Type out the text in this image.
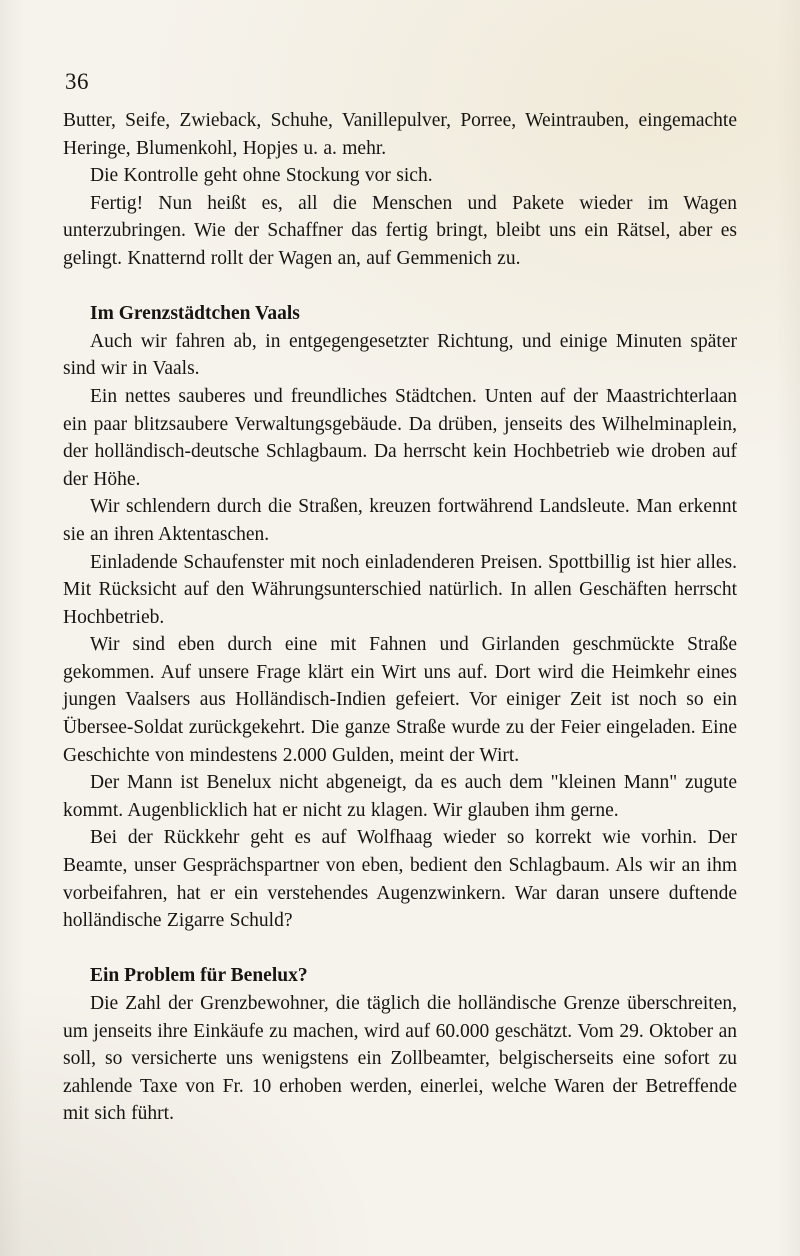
36

Butter, Seife, Zwieback, Schuhe, Vanillepulver, Porree, Weintrauben, eingemachte Heringe, Blumenkohl, Hopjes u. a. mehr.

Die Kontrolle geht ohne Stockung vor sich.

Fertig! Nun heißt es, all die Menschen und Pakete wieder im Wagen unterzubringen. Wie der Schaffner das fertig bringt, bleibt uns ein Rätsel, aber es gelingt. Knatternd rollt der Wagen an, auf Gemmenich zu.

Im Grenzstädtchen Vaals

Auch wir fahren ab, in entgegengesetzter Richtung, und einige Minuten später sind wir in Vaals.

Ein nettes sauberes und freundliches Städtchen. Unten auf der Maastrichterlaan ein paar blitzsaubere Verwaltungsgebäude. Da drüben, jenseits des Wilhelminaplein, der holländisch-deutsche Schlagbaum. Da herrscht kein Hochbetrieb wie droben auf der Höhe.

Wir schlendern durch die Straßen, kreuzen fortwährend Landsleute. Man erkennt sie an ihren Aktentaschen.

Einladende Schaufenster mit noch einladenderen Preisen. Spottbillig ist hier alles. Mit Rücksicht auf den Währungsunterschied natürlich. In allen Geschäften herrscht Hochbetrieb.

Wir sind eben durch eine mit Fahnen und Girlanden geschmückte Straße gekommen. Auf unsere Frage klärt ein Wirt uns auf. Dort wird die Heimkehr eines jungen Vaalsers aus Holländisch-Indien gefeiert. Vor einiger Zeit ist noch so ein Übersee-Soldat zurückgekehrt. Die ganze Straße wurde zu der Feier eingeladen. Eine Geschichte von mindestens 2.000 Gulden, meint der Wirt.

Der Mann ist Benelux nicht abgeneigt, da es auch dem "kleinen Mann" zugute kommt. Augenblicklich hat er nicht zu klagen. Wir glauben ihm gerne.

Bei der Rückkehr geht es auf Wolfhaag wieder so korrekt wie vorhin. Der Beamte, unser Gesprächspartner von eben, bedient den Schlagbaum. Als wir an ihm vorbeifahren, hat er ein verstehendes Augenzwinkern. War daran unsere duftende holländische Zigarre Schuld?

Ein Problem für Benelux?

Die Zahl der Grenzbewohner, die täglich die holländische Grenze überschreiten, um jenseits ihre Einkäufe zu machen, wird auf 60.000 geschätzt. Vom 29. Oktober an soll, so versicherte uns wenigstens ein Zollbeamter, belgischerseits eine sofort zu zahlende Taxe von Fr. 10 erhoben werden, einerlei, welche Waren der Betreffende mit sich führt.
